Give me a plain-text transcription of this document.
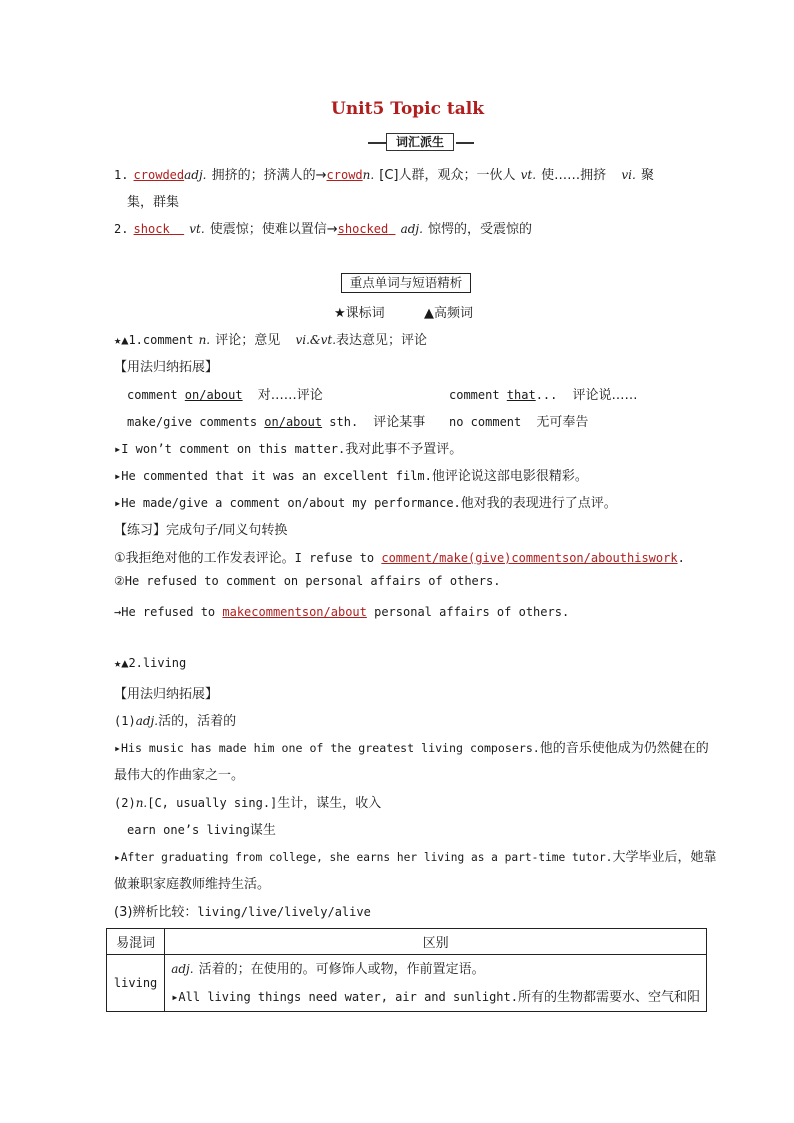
Unit5 Topic talk
词汇派生
1. crowdedadj. 拥挤的；挤满人的→crowdn. [C]人群，观众；一伙人 vt. 使……拥挤 vi. 聚
集，群集
2. shock vt. 使震惊；使难以置信→shocked adj. 惊愕的，受震惊的
重点单词与短语精析
★课标词	▲高频词
★▲1.comment n. 评论；意见 vi.&vt.表达意见；评论
【用法归纳拓展】
comment on/about 对……评论	comment that... 评论说……
make/give comments on/about sth. 评论某事 no comment 无可奉告
▸I won’t comment on this matter.我对此事不予置评。
▸He commented that it was an excellent film.他评论说这部电影很精彩。
▸He made/give a comment on/about my performance.他对我的表现进行了点评。
【练习】完成句子/同义句转换
①我拒绝对他的工作发表评论。I refuse to comment/make(give)commentson/abouthiswork.
②He refused to comment on personal affairs of others.
→He refused to makecommentson/about personal affairs of others.
★▲2.living
【用法归纳拓展】
(1)adj.活的，活着的
▸His music has made him one of the greatest living composers.他的音乐使他成为仍然健在的
最伟大的作曲家之一。
(2)n.[C, usually sing.]生计，谋生，收入
earn one’s living谋生
▸After graduating from college, she earns her living as a part-time tutor.大学毕业后，她靠
做兼职家庭教师维持生活。
(3)辨析比较：living/live/lively/alive
易混词	区别
living	adj. 活着的；在使用的。可修饰人或物，作前置定语。
▸All living things need water, air and sunlight.所有的生物都需要水、空气和阳
